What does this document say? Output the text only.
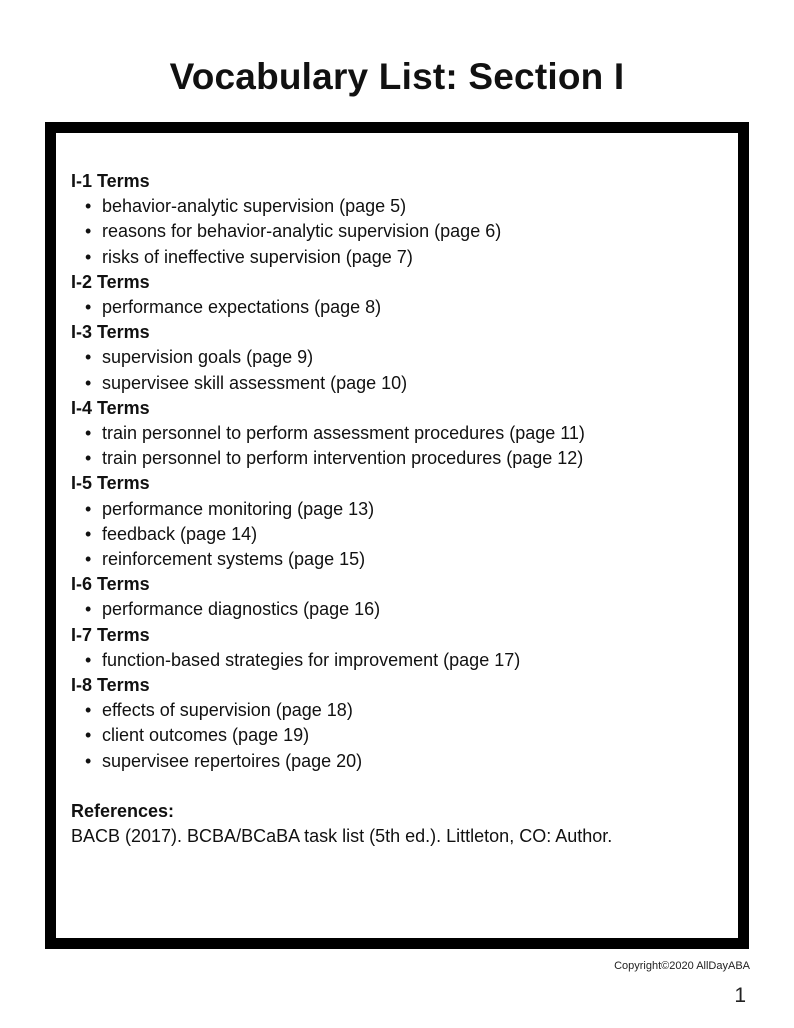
Vocabulary List: Section I
I-1 Terms
• behavior-analytic supervision (page 5)
• reasons for behavior-analytic supervision (page 6)
• risks of ineffective supervision (page 7)
I-2 Terms
• performance expectations (page 8)
I-3 Terms
• supervision goals (page 9)
• supervisee skill assessment (page 10)
I-4 Terms
• train personnel to perform assessment procedures (page 11)
• train personnel to perform intervention procedures (page 12)
I-5 Terms
• performance monitoring (page 13)
• feedback (page 14)
• reinforcement systems (page 15)
I-6 Terms
• performance diagnostics (page 16)
I-7 Terms
• function-based strategies for improvement (page 17)
I-8 Terms
• effects of supervision (page 18)
• client outcomes (page 19)
• supervisee repertoires (page 20)
References:
BACB (2017). BCBA/BCaBA task list (5th ed.). Littleton, CO: Author.
Copyright©2020 AllDayABA
1
